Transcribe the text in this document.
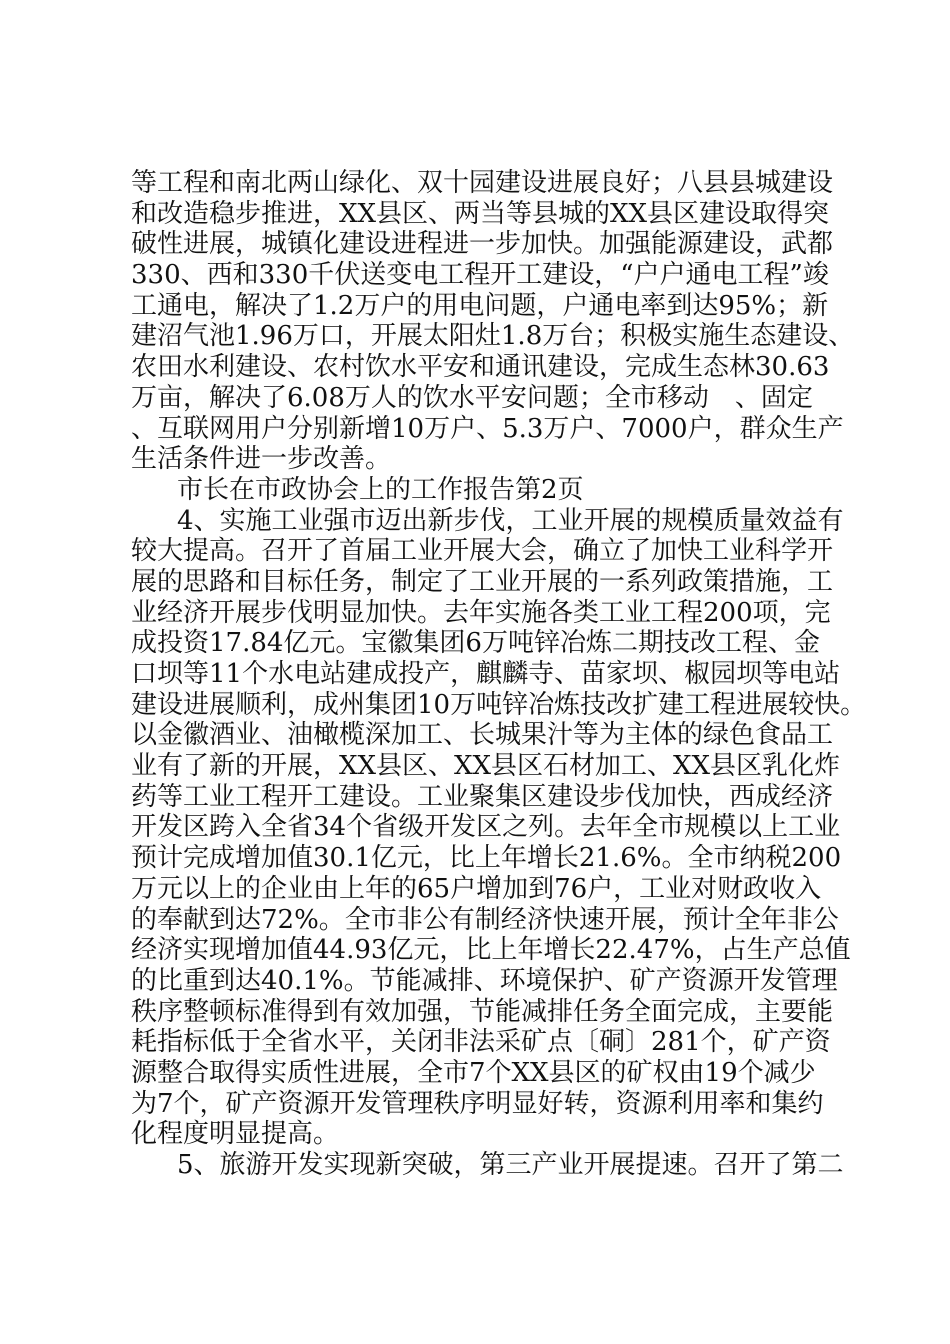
等工程和南北两山绿化、双十园建设进展良好；八县县城建设
和改造稳步推进，XX县区、两当等县城的XX县区建设取得突
破性进展，城镇化建设进程进一步加快。加强能源建设，武都
330、西和330千伏送变电工程开工建设，“户户通电工程”竣
工通电，解决了1.2万户的用电问题，户通电率到达95%；新
建沼气池1.96万口，开展太阳灶1.8万台；积极实施生态建设、
农田水利建设、农村饮水平安和通讯建设，完成生态林30.63
万亩，解决了6.08万人的饮水平安问题；全市移动　、固定
、互联网用户分别新增10万户、5.3万户、7000户，群众生产
生活条件进一步改善。
市长在市政协会上的工作报告第2页
4、实施工业强市迈出新步伐，工业开展的规模质量效益有
较大提高。召开了首届工业开展大会，确立了加快工业科学开
展的思路和目标任务，制定了工业开展的一系列政策措施，工
业经济开展步伐明显加快。去年实施各类工业工程200项，完
成投资17.84亿元。宝徽集团6万吨锌冶炼二期技改工程、金
口坝等11个水电站建成投产，麒麟寺、苗家坝、椒园坝等电站
建设进展顺利，成州集团10万吨锌冶炼技改扩建工程进展较快。
以金徽酒业、油橄榄深加工、长城果汁等为主体的绿色食品工
业有了新的开展，XX县区、XX县区石材加工、XX县区乳化炸
药等工业工程开工建设。工业聚集区建设步伐加快，西成经济
开发区跨入全省34个省级开发区之列。去年全市规模以上工业
预计完成增加值30.1亿元，比上年增长21.6%。全市纳税200
万元以上的企业由上年的65户增加到76户，工业对财政收入
的奉献到达72%。全市非公有制经济快速开展，预计全年非公
经济实现增加值44.93亿元，比上年增长22.47%，占生产总值
的比重到达40.1%。节能减排、环境保护、矿产资源开发管理
秩序整顿标准得到有效加强，节能减排任务全面完成，主要能
耗指标低于全省水平，关闭非法采矿点〔硐〕281个，矿产资
源整合取得实质性进展，全市7个XX县区的矿权由19个减少
为7个，矿产资源开发管理秩序明显好转，资源利用率和集约
化程度明显提高。
5、旅游开发实现新突破，第三产业开展提速。召开了第二
